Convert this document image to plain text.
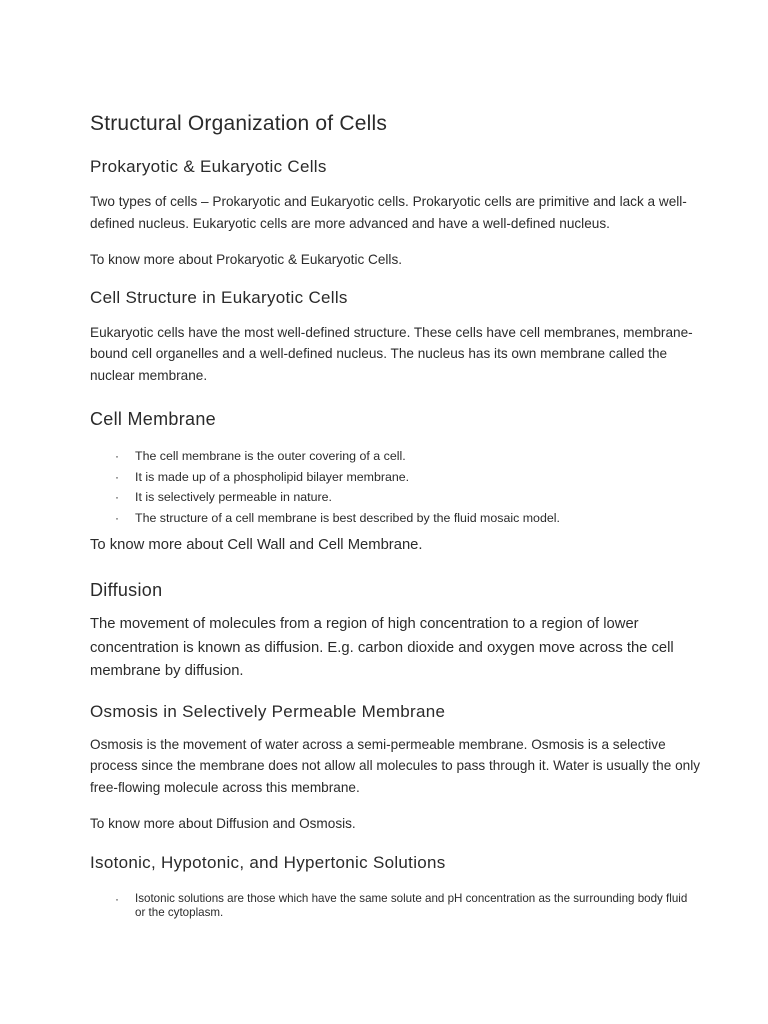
Structural Organization of Cells
Prokaryotic & Eukaryotic Cells

Two types of cells – Prokaryotic and Eukaryotic cells. Prokaryotic cells are primitive and lack a well-defined nucleus. Eukaryotic cells are more advanced and have a well-defined nucleus.

To know more about Prokaryotic & Eukaryotic Cells.

Cell Structure in Eukaryotic Cells

Eukaryotic cells have the most well-defined structure. These cells have cell membranes, membrane-bound cell organelles and a well-defined nucleus. The nucleus has its own membrane called the nuclear membrane.

Cell Membrane
· The cell membrane is the outer covering of a cell.
· It is made up of a phospholipid bilayer membrane.
· It is selectively permeable in nature.
· The structure of a cell membrane is best described by the fluid mosaic model.

To know more about Cell Wall and Cell Membrane.

Diffusion

The movement of molecules from a region of high concentration to a region of lower concentration is known as diffusion. E.g. carbon dioxide and oxygen move across the cell membrane by diffusion.

Osmosis in Selectively Permeable Membrane

Osmosis is the movement of water across a semi-permeable membrane. Osmosis is a selective process since the membrane does not allow all molecules to pass through it. Water is usually the only free-flowing molecule across this membrane.

To know more about Diffusion and Osmosis.

Isotonic, Hypotonic, and Hypertonic Solutions
· Isotonic solutions are those which have the same solute and pH concentration as the surrounding body fluid or the cytoplasm.
